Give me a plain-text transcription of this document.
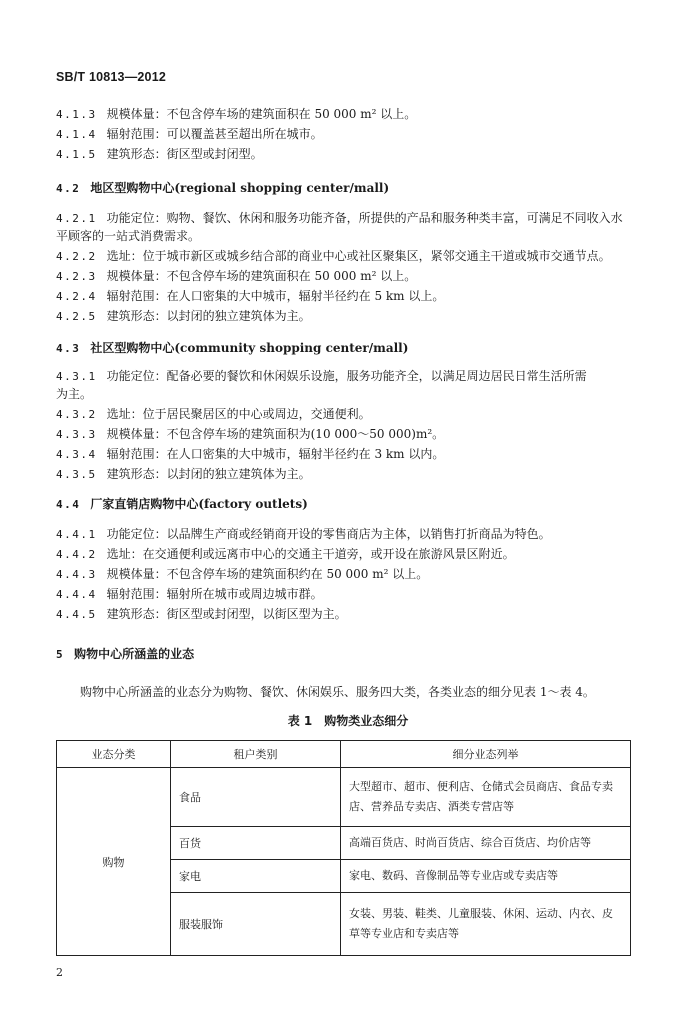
SB/T 10813—2012
4.1.3 规模体量：不包含停车场的建筑面积在 50 000 m² 以上。
4.1.4 辐射范围：可以覆盖甚至超出所在城市。
4.1.5 建筑形态：街区型或封闭型。
4.2 地区型购物中心(regional shopping center/mall)
4.2.1 功能定位：购物、餐饮、休闲和服务功能齐备，所提供的产品和服务种类丰富，可满足不同收入水
平顾客的一站式消费需求。
4.2.2 选址：位于城市新区或城乡结合部的商业中心或社区聚集区，紧邻交通主干道或城市交通节点。
4.2.3 规模体量：不包含停车场的建筑面积在 50 000 m² 以上。
4.2.4 辐射范围：在人口密集的大中城市，辐射半径约在 5 km 以上。
4.2.5 建筑形态：以封闭的独立建筑体为主。
4.3 社区型购物中心(community shopping center/mall)
4.3.1 功能定位：配备必要的餐饮和休闲娱乐设施，服务功能齐全，以满足周边居民日常生活所需
为主。
4.3.2 选址：位于居民聚居区的中心或周边，交通便利。
4.3.3 规模体量：不包含停车场的建筑面积为(10 000～50 000)m²。
4.3.4 辐射范围：在人口密集的大中城市，辐射半径约在 3 km 以内。
4.3.5 建筑形态：以封闭的独立建筑体为主。
4.4 厂家直销店购物中心(factory outlets)
4.4.1 功能定位：以品牌生产商或经销商开设的零售商店为主体，以销售打折商品为特色。
4.4.2 选址：在交通便利或远离市中心的交通主干道旁，或开设在旅游风景区附近。
4.4.3 规模体量：不包含停车场的建筑面积约在 50 000 m² 以上。
4.4.4 辐射范围：辐射所在城市或周边城市群。
4.4.5 建筑形态：街区型或封闭型，以街区型为主。
5 购物中心所涵盖的业态
购物中心所涵盖的业态分为购物、餐饮、休闲娱乐、服务四大类，各类业态的细分见表 1～表 4。
表 1　购物类业态细分
业态分类	租户类别	细分业态列举
购物	食品	大型超市、超市、便利店、仓储式会员商店、食品专卖店、营养品专卖店、酒类专营店等
	百货	高端百货店、时尚百货店、综合百货店、均价店等
	家电	家电、数码、音像制品等专业店或专卖店等
	服装服饰	女装、男装、鞋类、儿童服装、休闲、运动、内衣、皮草等专业店和专卖店等
2
